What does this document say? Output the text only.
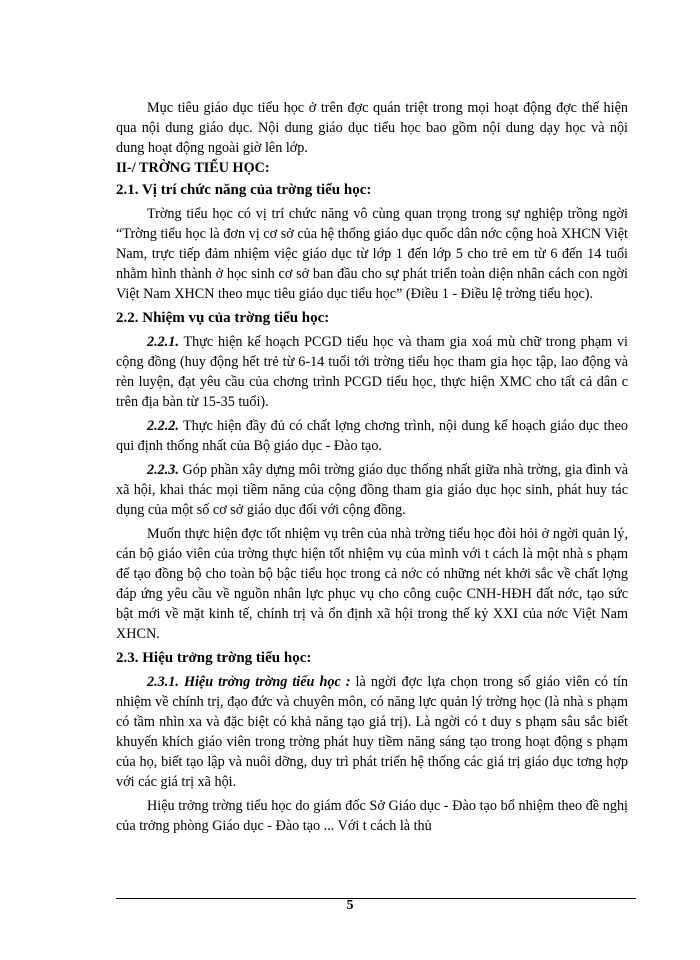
Mục tiêu giáo dục tiểu học ở trên đợc quán triệt trong mọi hoạt động đợc thể hiện qua nội dung giáo dục. Nội dung giáo dục tiểu học bao gồm nội dung dạy học và nội dung hoạt động ngoài giờ lên lớp.

II-/ TRỜNG TIỂU HỌC:

2.1. Vị trí chức năng của trờng tiểu học:

Trờng tiểu học có vị trí chức năng vô cùng quan trọng trong sự nghiệp trồng ngời “Trờng tiểu học là đơn vị cơ sở của hệ thống giáo dục quốc dân nớc cộng hoà XHCN Việt Nam, trực tiếp đảm nhiệm việc giáo dục từ lớp 1 đến lớp 5 cho trẻ em từ 6 đến 14 tuổi nhằm hình thành ở học sinh cơ sở ban đầu cho sự phát triển toàn diện nhân cách con ngời Việt Nam XHCN theo mục tiêu giáo dục tiểu học” (Điều 1 - Điều lệ trờng tiểu học).

2.2. Nhiệm vụ của trờng tiểu học:

2.2.1. Thực hiện kế hoạch PCGD tiểu học và tham gia xoá mù chữ trong phạm vi cộng đồng (huy động hết trẻ từ 6-14 tuổi tới trờng tiểu học tham gia học tập, lao động và rèn luyện, đạt yêu cầu của chơng trình PCGD tiểu học, thực hiện XMC cho tất cả dân c trên địa bàn từ 15-35 tuổi).

2.2.2. Thực hiện đầy đủ có chất lợng chơng trình, nội dung kế hoạch giáo dục theo qui định thống nhất của Bộ giáo dục - Đào tạo.

2.2.3. Góp phần xây dựng môi trờng giáo dục thống nhất giữa nhà trờng, gia đình và xã hội, khai thác mọi tiềm năng của cộng đồng tham gia giáo dục học sinh, phát huy tác dụng của một số cơ sở giáo dục đối với cộng đồng.

Muốn thực hiện đợc tốt nhiệm vụ trên của nhà trờng tiểu học đòi hỏi ở ngời quản lý, cán bộ giáo viên của trờng thực hiện tốt nhiệm vụ của mình với t cách là một nhà s phạm để tạo đồng bộ cho toàn bộ bậc tiểu học trong cả nớc có những nét khởi sắc về chất lợng đáp ứng yêu cầu về nguồn nhân lực phục vụ cho công cuộc CNH-HĐH đất nớc, tạo sức bật mới về mặt kinh tế, chính trị và ổn định xã hội trong thế kỷ XXI của nớc Việt Nam XHCN.

2.3. Hiệu trởng trờng tiểu học:

2.3.1. Hiệu trởng trờng tiểu học : là ngời đợc lựa chọn trong số giáo viên có tín nhiệm về chính trị, đạo đức và chuyên môn, có năng lực quản lý trờng học (là nhà s phạm có tầm nhìn xa và đặc biệt có khả năng tạo giá trị). Là ngời có t duy s phạm sâu sắc biết khuyến khích giáo viên trong trờng phát huy tiềm năng sáng tạo trong hoạt động s phạm của họ, biết tạo lập và nuôi dỡng, duy trì phát triển hệ thống các giá trị giáo dục tơng hợp với các giá trị xã hội.

Hiệu trởng trờng tiểu học do giám đốc Sở Giáo dục - Đào tạo bổ nhiệm theo đề nghị của trởng phòng Giáo dục - Đào tạo ... Với t cách là thủ

5
